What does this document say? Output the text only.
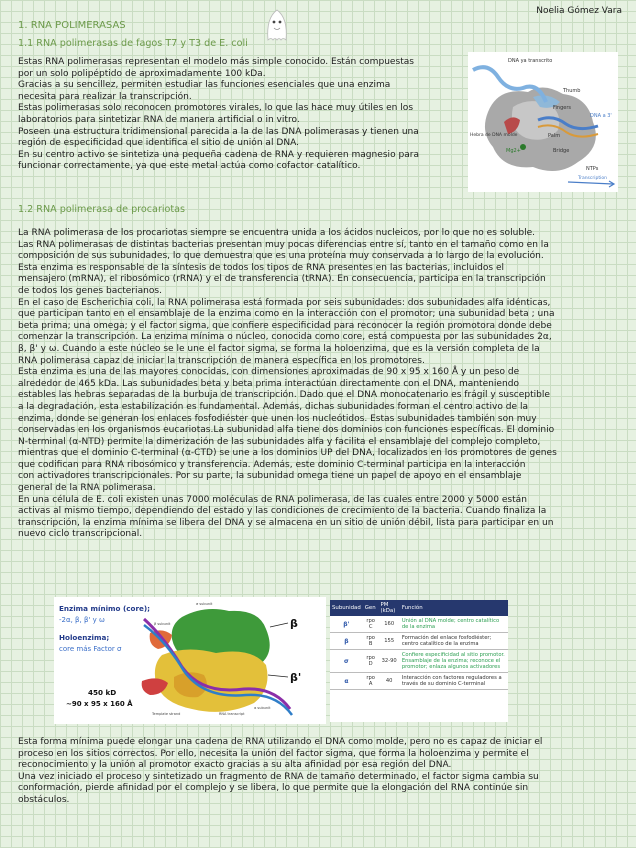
Noelia Gómez Vara
1. RNA POLIMERASAS
1.1 RNA polimerasas de fagos T7 y T3 de E. coli

Estas RNA polimerasas representan el modelo más simple conocido. Están compuestas

por un solo polipéptido de aproximadamente 100 kDa.

Gracias a su sencillez, permiten estudiar las funciones esenciales que una enzima

necesita para realizar la transcripción.

Estas polimerasas solo reconocen promotores virales, lo que las hace muy útiles en los

laboratorios para sintetizar RNA de manera artificial o in vitro.

Poseen una estructura tridimensional parecida a la de las DNA polimerasas y tienen una

región de especificidad que identifica el sitio de unión al DNA.

En su centro activo se sintetiza una pequeña cadena de RNA y requieren magnesio para

funcionar correctamente, ya que este metal actúa como cofactor catalítico.

DNA ya transcrito
Thumb
Fingers
Palm
Hebra de DNA molde
Mg2+	Bridge
DNA a 3'
NTPs
Transcription
1.2 RNA polimerasa de procariotas

La RNA polimerasa de los procariotas siempre se encuentra unida a los ácidos nucleicos, por lo que no es soluble.

Las RNA polimerasas de distintas bacterias presentan muy pocas diferencias entre sí, tanto en el tamaño como en la

composición de sus subunidades, lo que demuestra que es una proteína muy conservada a lo largo de la evolución.

Esta enzima es responsable de la síntesis de todos los tipos de RNA presentes en las bacterias, incluidos el

mensajero (mRNA), el ribosómico (rRNA) y el de transferencia (tRNA). En consecuencia, participa en la transcripción

de todos los genes bacterianos.

En el caso de Escherichia coli, la RNA polimerasa está formada por seis subunidades: dos subunidades alfa idénticas,

que participan tanto en el ensamblaje de la enzima como en la interacción con el promotor; una subunidad beta ; una

beta prima; una omega; y el factor sigma, que confiere especificidad para reconocer la región promotora donde debe

comenzar la transcripción. La enzima mínima o núcleo, conocida como core, está compuesta por las subunidades 2α,

β, β' y ω. Cuando a este núcleo se le une el factor sigma, se forma la holoenzima, que es la versión completa de la

RNA polimerasa capaz de iniciar la transcripción de manera específica en los promotores.

Esta enzima es una de las mayores conocidas, con dimensiones aproximadas de 90 x 95 x 160 Å y un peso de

alrededor de 465 kDa. Las subunidades beta y beta prima interactúan directamente con el DNA, manteniendo

estables las hebras separadas de la burbuja de transcripción. Dado que el DNA monocatenario es frágil y susceptible

a la degradación, esta estabilización es fundamental. Además, dichas subunidades forman el centro activo de la

enzima, donde se generan los enlaces fosfodiéster que unen los nucleótidos. Estas subunidades también son muy

conservadas en los organismos eucariotas.La subunidad alfa tiene dos dominios con funciones específicas. El dominio

N-terminal (α-NTD) permite la dimerización de las subunidades alfa y facilita el ensamblaje del complejo completo,

mientras que el dominio C-terminal (α-CTD) se une a los dominios UP del DNA, localizados en los promotores de genes

que codifican para RNA ribosómico y transferencia. Además, este dominio C-terminal participa en la interacción

con activadores transcripcionales. Por su parte, la subunidad omega tiene un papel de apoyo en el ensamblaje

general de la RNA polimerasa.

En una célula de E. coli existen unas 7000 moléculas de RNA polimerasa, de las cuales entre 2000 y 5000 están

activas al mismo tiempo, dependiendo del estado y las condiciones de crecimiento de la bacteria. Cuando finaliza la

transcripción, la enzima mínima se libera del DNA y se almacena en un sitio de unión débil, lista para participar en un

nuevo ciclo transcripcional.

Enzima mínimo (core);
-2α, β, β' y ω
Holoenzima;
core más Factor σ
450 kD
~90 x 95 x 160 Å
β
β'
σ subunit
β subunit
Template strand	RNA transcript
α subunit
Subunidad	Gen	PM (kDa)	Función
β'	rpo C	160	Unión al DNA molde; centro catalítico de la enzima
β	rpo B	155	Formación del enlace fosfodiéster; centro catalítico de la enzima
σ	rpo D	32-90	Confiere especificidad al sitio promotor. Ensamblaje de la enzima; reconoce el promotor; enlaza algunos activadores
α	rpo A	40	Interacción con factores reguladores a través de su dominio C-terminal

Esta forma mínima puede elongar una cadena de RNA utilizando el DNA como molde, pero no es capaz de iniciar el

proceso en los sitios correctos. Por ello, necesita la unión del factor sigma, que forma la holoenzima y permite el

reconocimiento y la unión al promotor exacto gracias a su alta afinidad por esa región del DNA.

Una vez iniciado el proceso y sintetizado un fragmento de RNA de tamaño determinado, el factor sigma cambia su

conformación, pierde afinidad por el complejo y se libera, lo que permite que la elongación del RNA continúe sin

obstáculos.
